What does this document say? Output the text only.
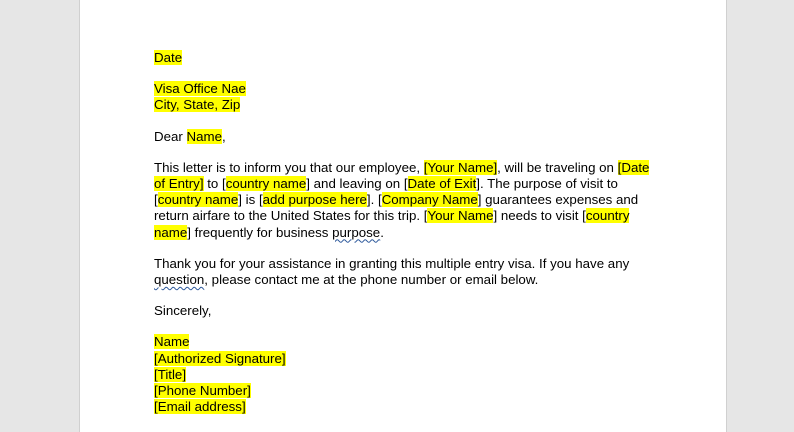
Date

Visa Office Nae

City, State, Zip

Dear Name,

This letter is to inform you that our employee, [Your Name], will be traveling on [Date of Entry] to [country name] and leaving on [Date of Exit]. The purpose of visit to [country name] is [add purpose here]. [Company Name] guarantees expenses and return airfare to the United States for this trip. [Your Name] needs to visit [country name] frequently for business purpose.

Thank you for your assistance in granting this multiple entry visa. If you have any question, please contact me at the phone number or email below.

Sincerely,

Name

[Authorized Signature]

[Title]

[Phone Number]

[Email address]
